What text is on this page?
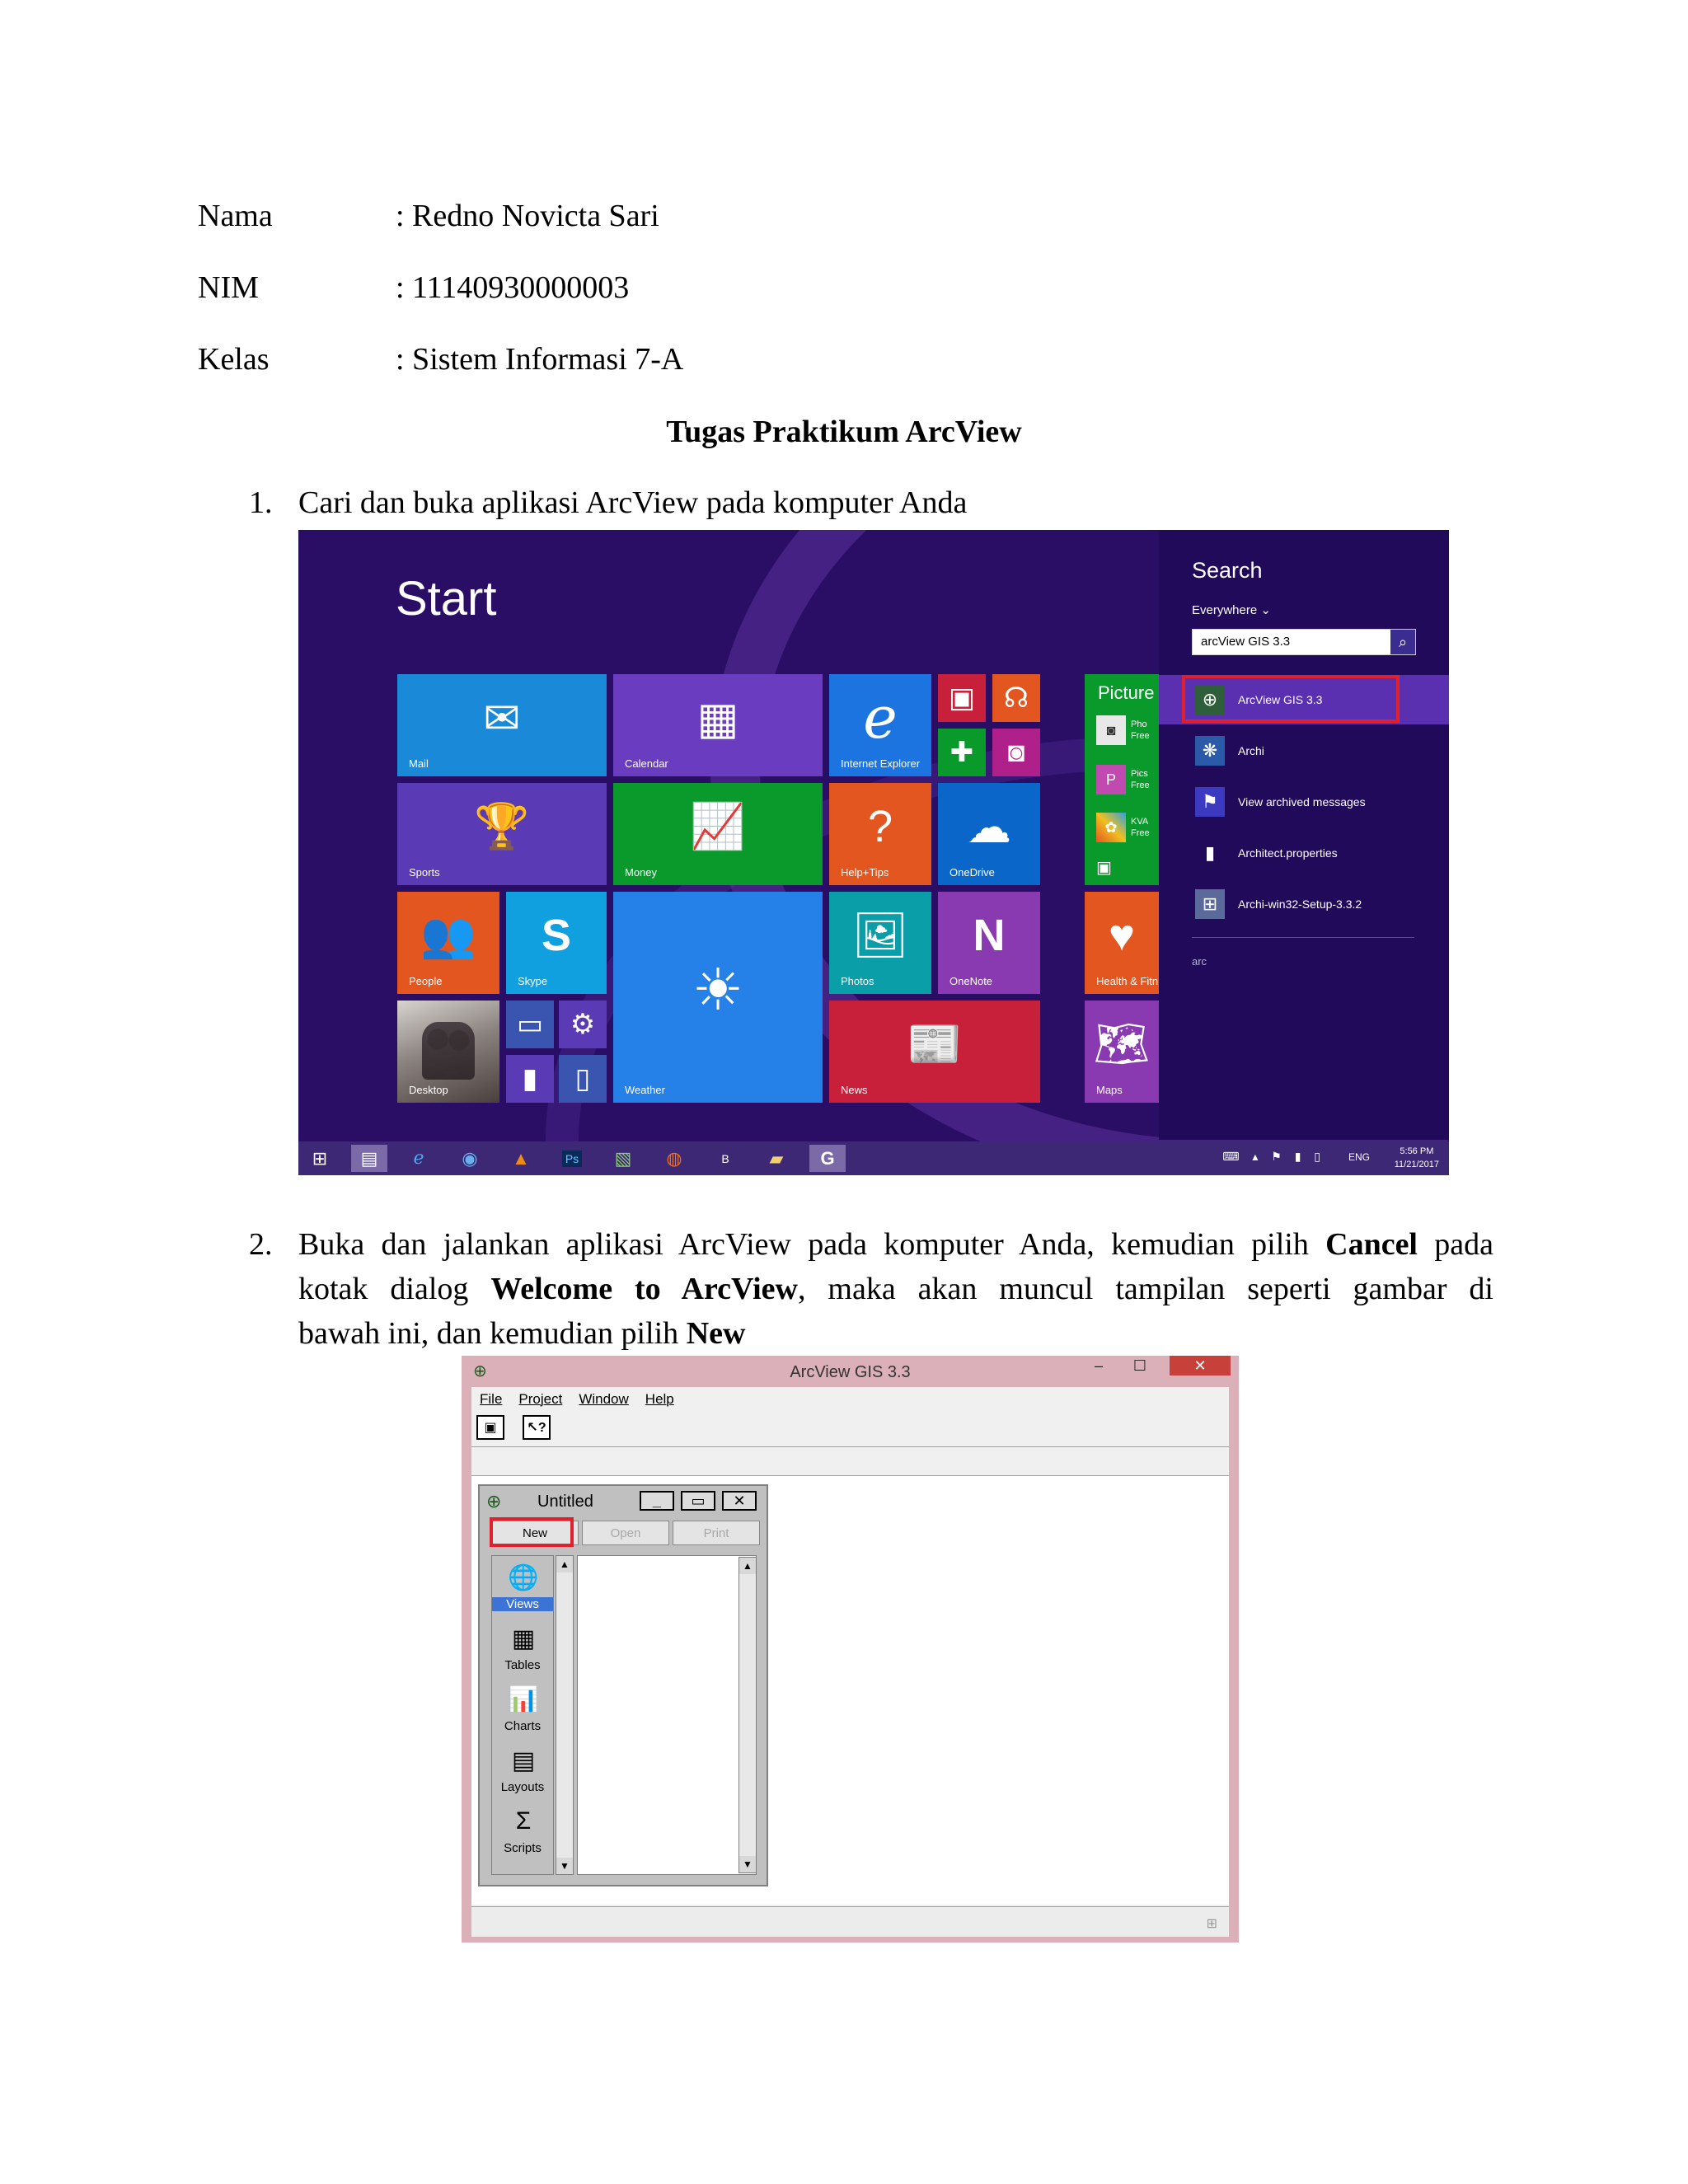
Nama	: Redno Novicta Sari
NIM	: 11140930000003
Kelas	: Sistem Informasi 7-A
Tugas Praktikum ArcView
1. Cari dan buka aplikasi ArcView pada komputer Anda
Start
✉
Mail
▦
Calendar
e
Internet Explorer
▣	☊
✚	◙
🏆
Sports
📈
Money
?
Help+Tips
☁
OneDrive
👥
People
S
Skype	☀
Weather
🖼
Photos
N
OneNote
Desktop
▭ ⚙
▮	▯
📰
News
Picture
◙	Pho Free
P	Pics Free
✿	KVA Free
▣
♥
Health & Fitn
🗺
Maps
Search
Everywhere ⌄
arcView GIS 3.3	⌕
⊕	ArcView GIS 3.3
❋	Archi
⚑	View archived messages
▮	Architect.properties
⊞	Archi-win32-Setup-3.3.2
arc
⊞	▤	e	◉	▲	Ps	▧	◍	B	▰	G	⌨ ▴ ⚑ ▮ ▯ ENG	5:56 PM
11/21/2017
2. Buka dan jalankan aplikasi ArcView pada komputer Anda, kemudian pilih Cancel pada
kotak dialog Welcome to ArcView, maka akan muncul tampilan seperti gambar di
bawah ini, dan kemudian pilih New
⊕	ArcView GIS 3.3	–	☐	✕
File Project Window Help
▣ ↖?
⊕ Untitled	_	▭	✕
New	Open	Print
🌐
Views
▦
Tables
📊
Charts
▤
Layouts
Σ
Scripts
▲
▼
▲
▼
⊞
